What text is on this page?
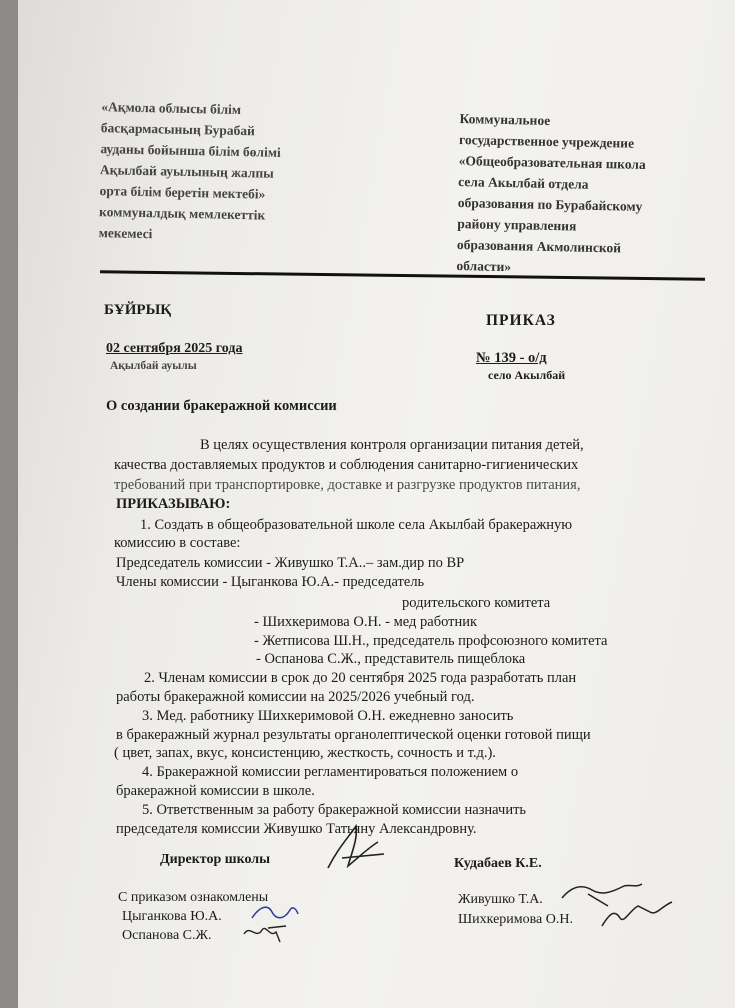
«Ақмола облысы білім
басқармасының Бурабай
ауданы бойынша білім бөлімі
Ақылбай ауылының жалпы
орта білім беретін мектебі»
коммуналдық мемлекеттік
мекемесі
Коммунальное
государственное учреждение
«Общеобразовательная школа
села Акылбай отдела
образования по Бурабайскому
району управления
образования Акмолинской
области»
БҰЙРЫҚ
ПРИКАЗ
02 сентября 2025 года
Ақылбай ауылы	№ 139 - о/д
село Акылбай
О создании бракеражной комиссии
В целях осуществления контроля организации питания детей,
качества доставляемых продуктов и соблюдения санитарно-гигиенических
требований при транспортировке, доставке и разгрузке продуктов питания,
ПРИКАЗЫВАЮ:
1. Создать в общеобразовательной школе села Акылбай бракеражную
комиссию в составе:
Председатель комиссии - Живушко Т.А..– зам.дир по ВР
Члены комиссии - Цыганкова Ю.А.- председатель
родительского комитета
- Шихкеримова О.Н. - мед работник
- Жетписова Ш.Н., председатель профсоюзного комитета
- Оспанова С.Ж., представитель пищеблока
2. Членам комиссии в срок до 20 сентября 2025 года разработать план
работы бракеражной комиссии на 2025/2026 учебный год.
3. Мед. работнику Шихкеримовой О.Н. ежедневно заносить
в бракеражный журнал результаты органолептической оценки готовой пищи
( цвет, запах, вкус, консистенцию, жесткость, сочность и т.д.).
4. Бракеражной комиссии регламентироваться положением о
бракеражной комиссии в школе.
5. Ответственным за работу бракеражной комиссии назначить
председателя комиссии Живушко Татьяну Александровну.
Директор школы	Кудабаев К.Е.
С приказом ознакомлены
Цыганкова Ю.А.
Оспанова С.Ж.
Живушко Т.А.
Шихкеримова О.Н.
